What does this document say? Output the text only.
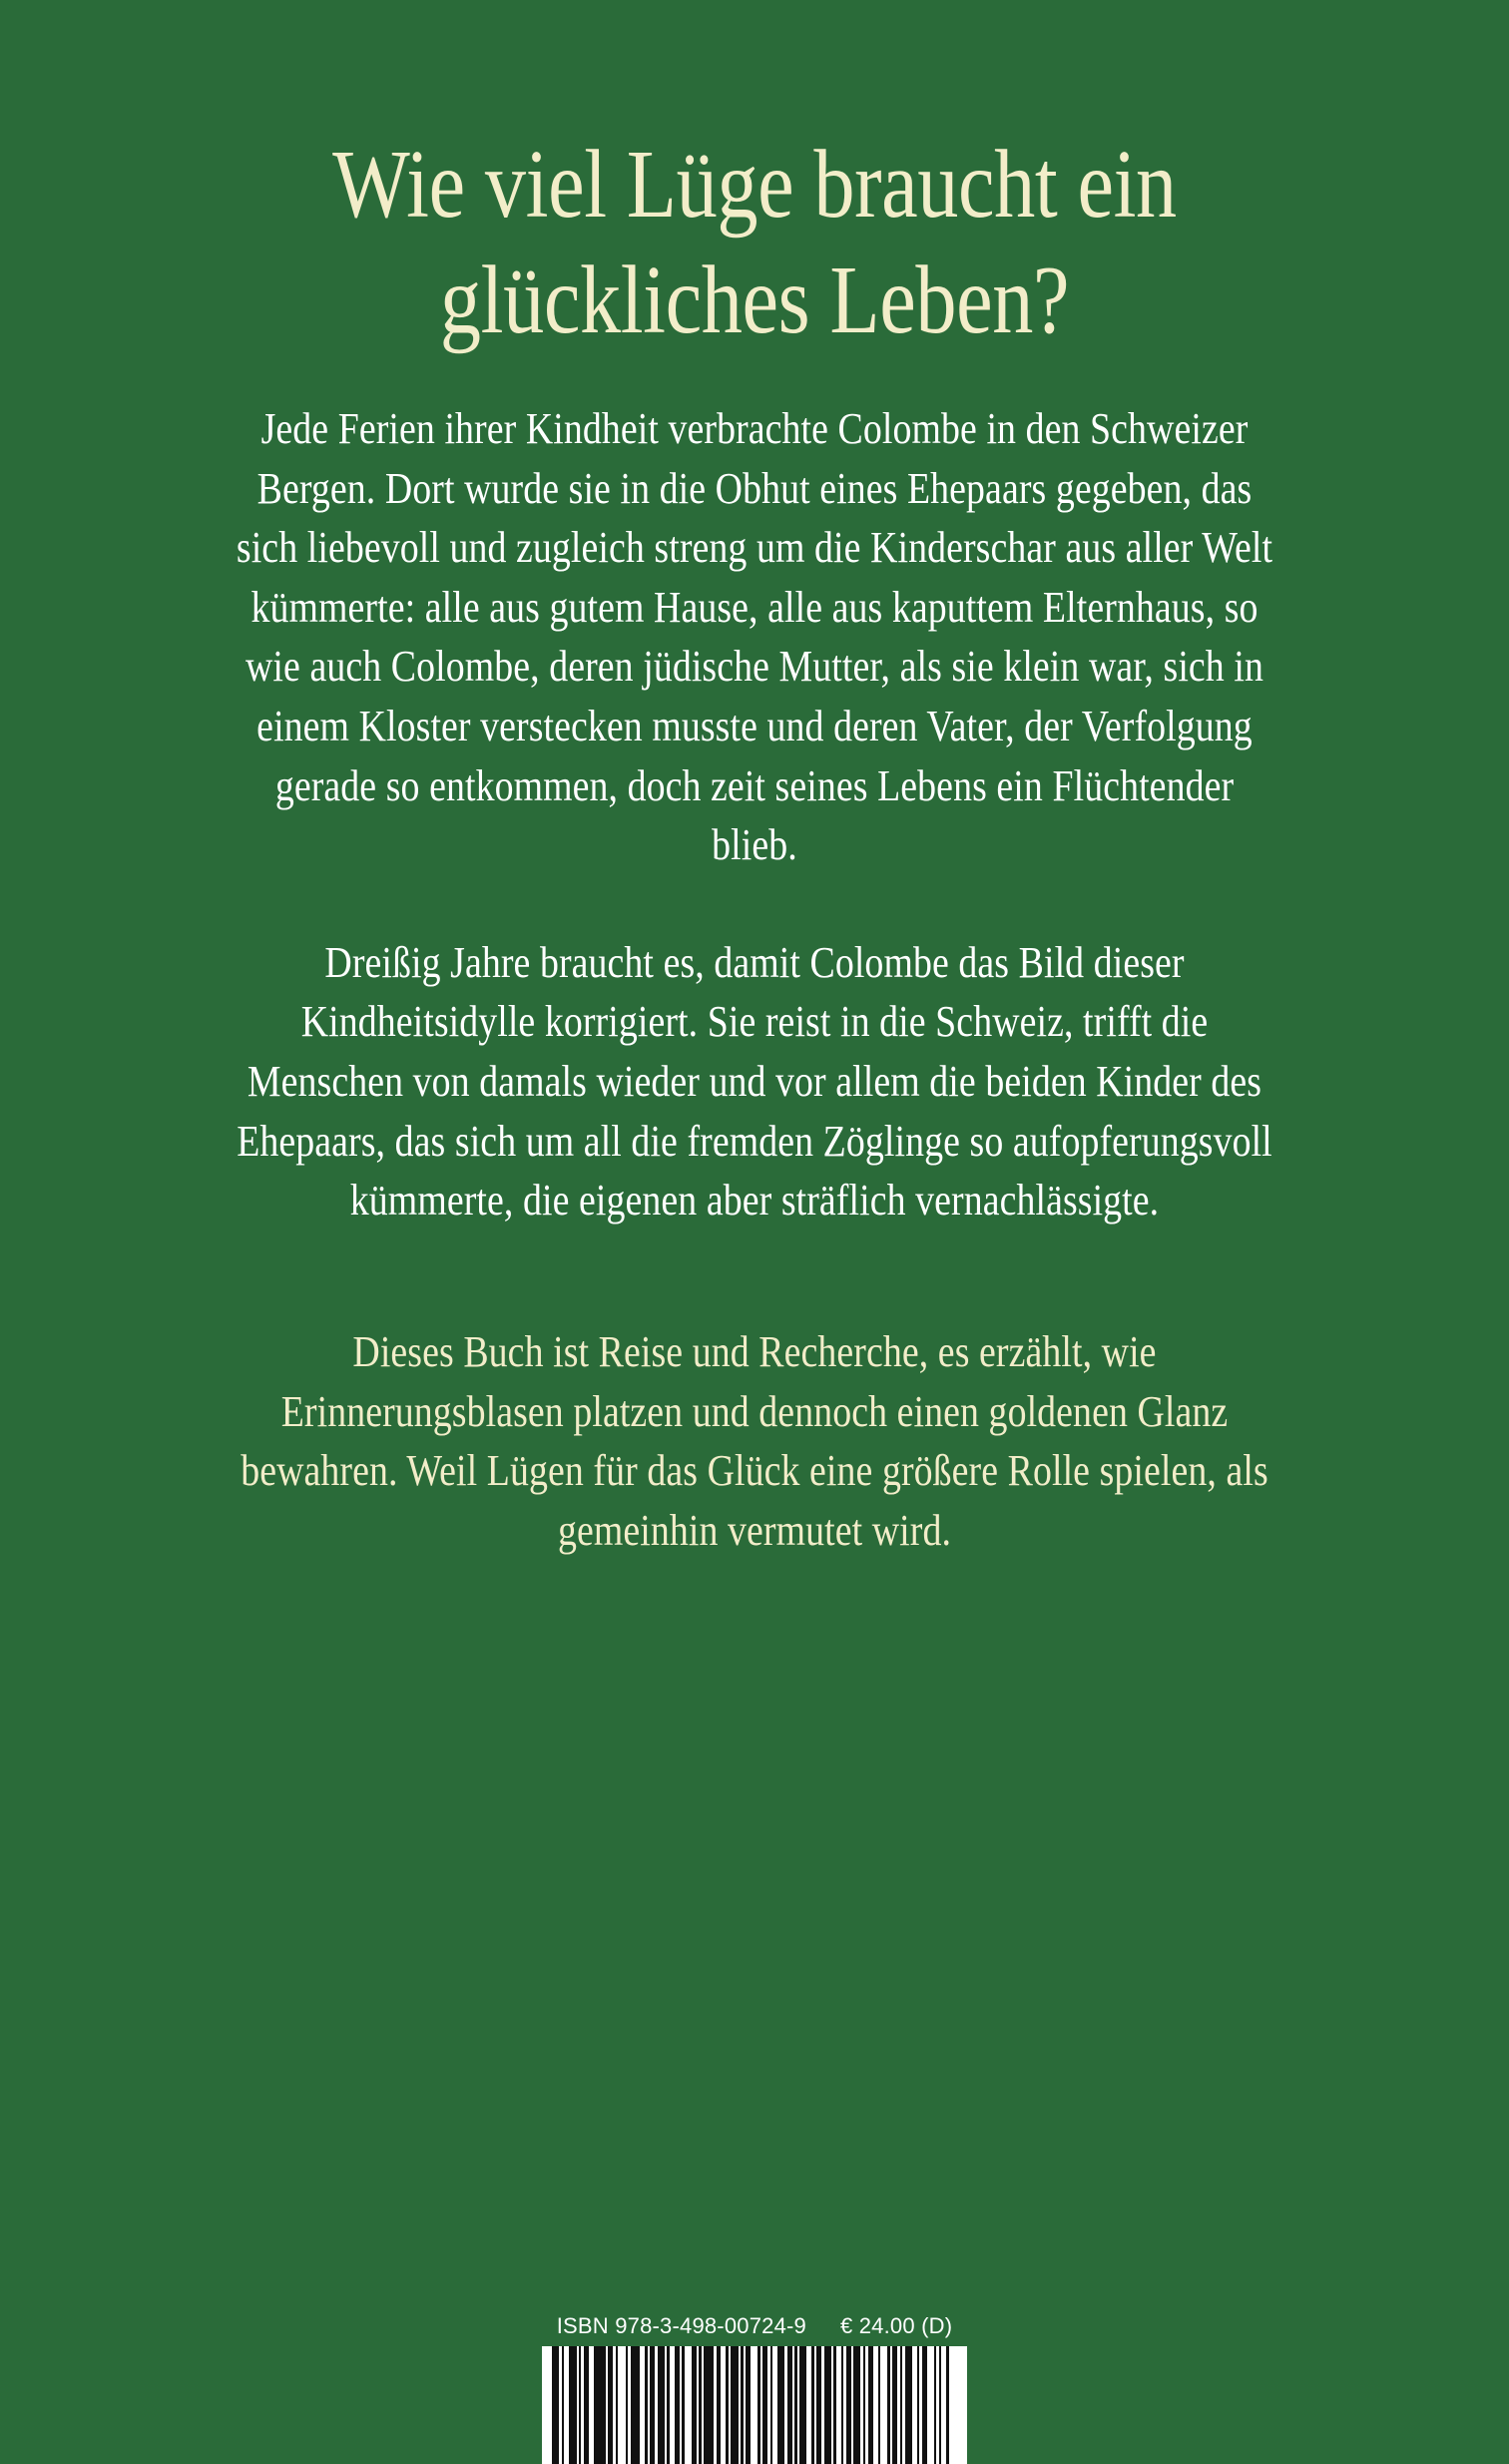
Wie viel Lüge braucht ein
glückliches Leben?

Jede Ferien ihrer Kindheit verbrachte Colombe in den Schweizer Bergen. Dort wurde sie in die Obhut eines Ehepaars gegeben, das sich liebevoll und zugleich streng um die Kinderschar aus aller Welt kümmerte: alle aus gutem Hause, alle aus kaputtem Elternhaus, so wie auch Colombe, deren jüdische Mutter, als sie klein war, sich in einem Kloster verstecken musste und deren Vater, der Verfolgung gerade so entkommen, doch zeit seines Lebens ein Flüchtender blieb.

Dreißig Jahre braucht es, damit Colombe das Bild dieser Kindheitsidylle korrigiert. Sie reist in die Schweiz, trifft die Menschen von damals wieder und vor allem die beiden Kinder des Ehepaars, das sich um all die fremden Zöglinge so aufopferungsvoll kümmerte, die eigenen aber sträflich vernachlässigte.

Dieses Buch ist Reise und Recherche, es erzählt, wie Erinnerungsblasen platzen und dennoch einen goldenen Glanz bewahren. Weil Lügen für das Glück eine größere Rolle spielen, als gemeinhin vermutet wird.

ISBN 978-3-498-00724-9 € 24.00 (D)
